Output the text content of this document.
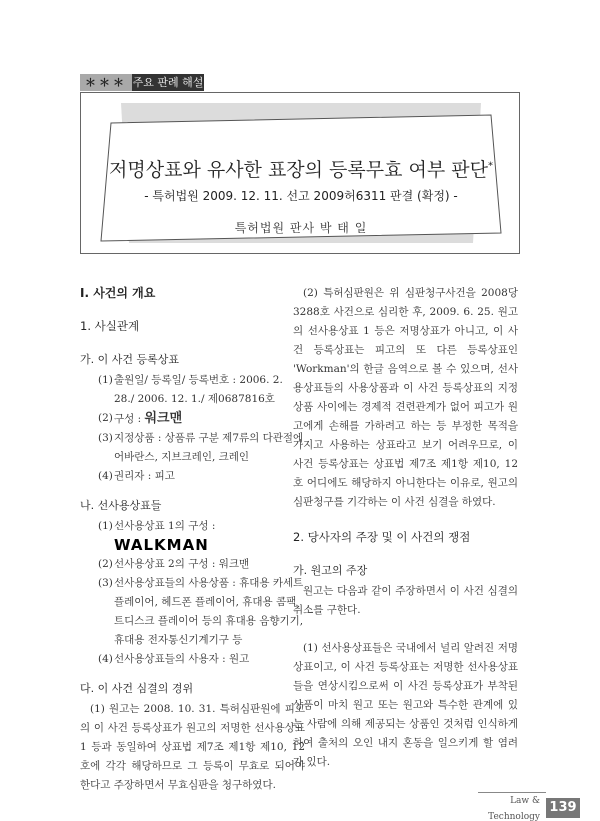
＊＊＊ 주요 판례 해설
저명상표와 유사한 표장의 등록무효 여부 판단*
- 특허법원 2009. 12. 11. 선고 2009허6311 판결 (확정) -
특허법원 판사 박 태 일
I. 사건의 개요
1. 사실관계
가. 이 사건 등록상표
(1) 출원일/ 등록일/ 등록번호 : 2006. 2. 28./ 2006. 12. 1./ 제0687816호
(2) 구성 : 워크맨
(3) 지정상품 : 상품류 구분 제7류의 다관절에어바란스, 지브크레인, 크레인
(4) 권리자 : 피고
나. 선사용상표들
(1) 선사용상표 1의 구성 : WALKMAN
(2) 선사용상표 2의 구성 : 워크맨
(3) 선사용상표들의 사용상품 : 휴대용 카세트플레이어, 헤드폰 플레이어, 휴대용 콤팩트디스크 플레이어 등의 휴대용 음향기기, 휴대용 전자통신기계기구 등
(4) 선사용상표들의 사용자 : 원고
다. 이 사건 심결의 경위
(1) 원고는 2008. 10. 31. 특허심판원에 피고의 이 사건 등록상표가 원고의 저명한 선사용상표 1 등과 동일하여 상표법 제7조 제1항 제10, 12호에 각각 해당하므로 그 등록이 무효로 되어야 한다고 주장하면서 무효심판을 청구하였다.
(2) 특허심판원은 위 심판청구사건을 2008당3288호 사건으로 심리한 후, 2009. 6. 25. 원고의 선사용상표 1 등은 저명상표가 아니고, 이 사건 등록상표는 피고의 또 다른 등록상표인 'Workman'의 한글 음역으로 볼 수 있으며, 선사용상표들의 사용상품과 이 사건 등록상표의 지정상품 사이에는 경제적 견련관계가 없어 피고가 원고에게 손해를 가하려고 하는 등 부정한 목적을 가지고 사용하는 상표라고 보기 어려우므로, 이 사건 등록상표는 상표법 제7조 제1항 제10, 12호 어디에도 해당하지 아니한다는 이유로, 원고의 심판청구를 기각하는 이 사건 심결을 하였다.
2. 당사자의 주장 및 이 사건의 쟁점
가. 원고의 주장
원고는 다음과 같이 주장하면서 이 사건 심결의 취소를 구한다.
(1) 선사용상표들은 국내에서 널리 알려진 저명상표이고, 이 사건 등록상표는 저명한 선사용상표들을 연상시킴으로써 이 사건 등록상표가 부착된 상품이 마치 원고 또는 원고와 특수한 관계에 있는 사람에 의해 제공되는 상품인 것처럼 인식하게 하여 출처의 오인 내지 혼동을 일으키게 할 염려가 있다.
Law & Technology
139
